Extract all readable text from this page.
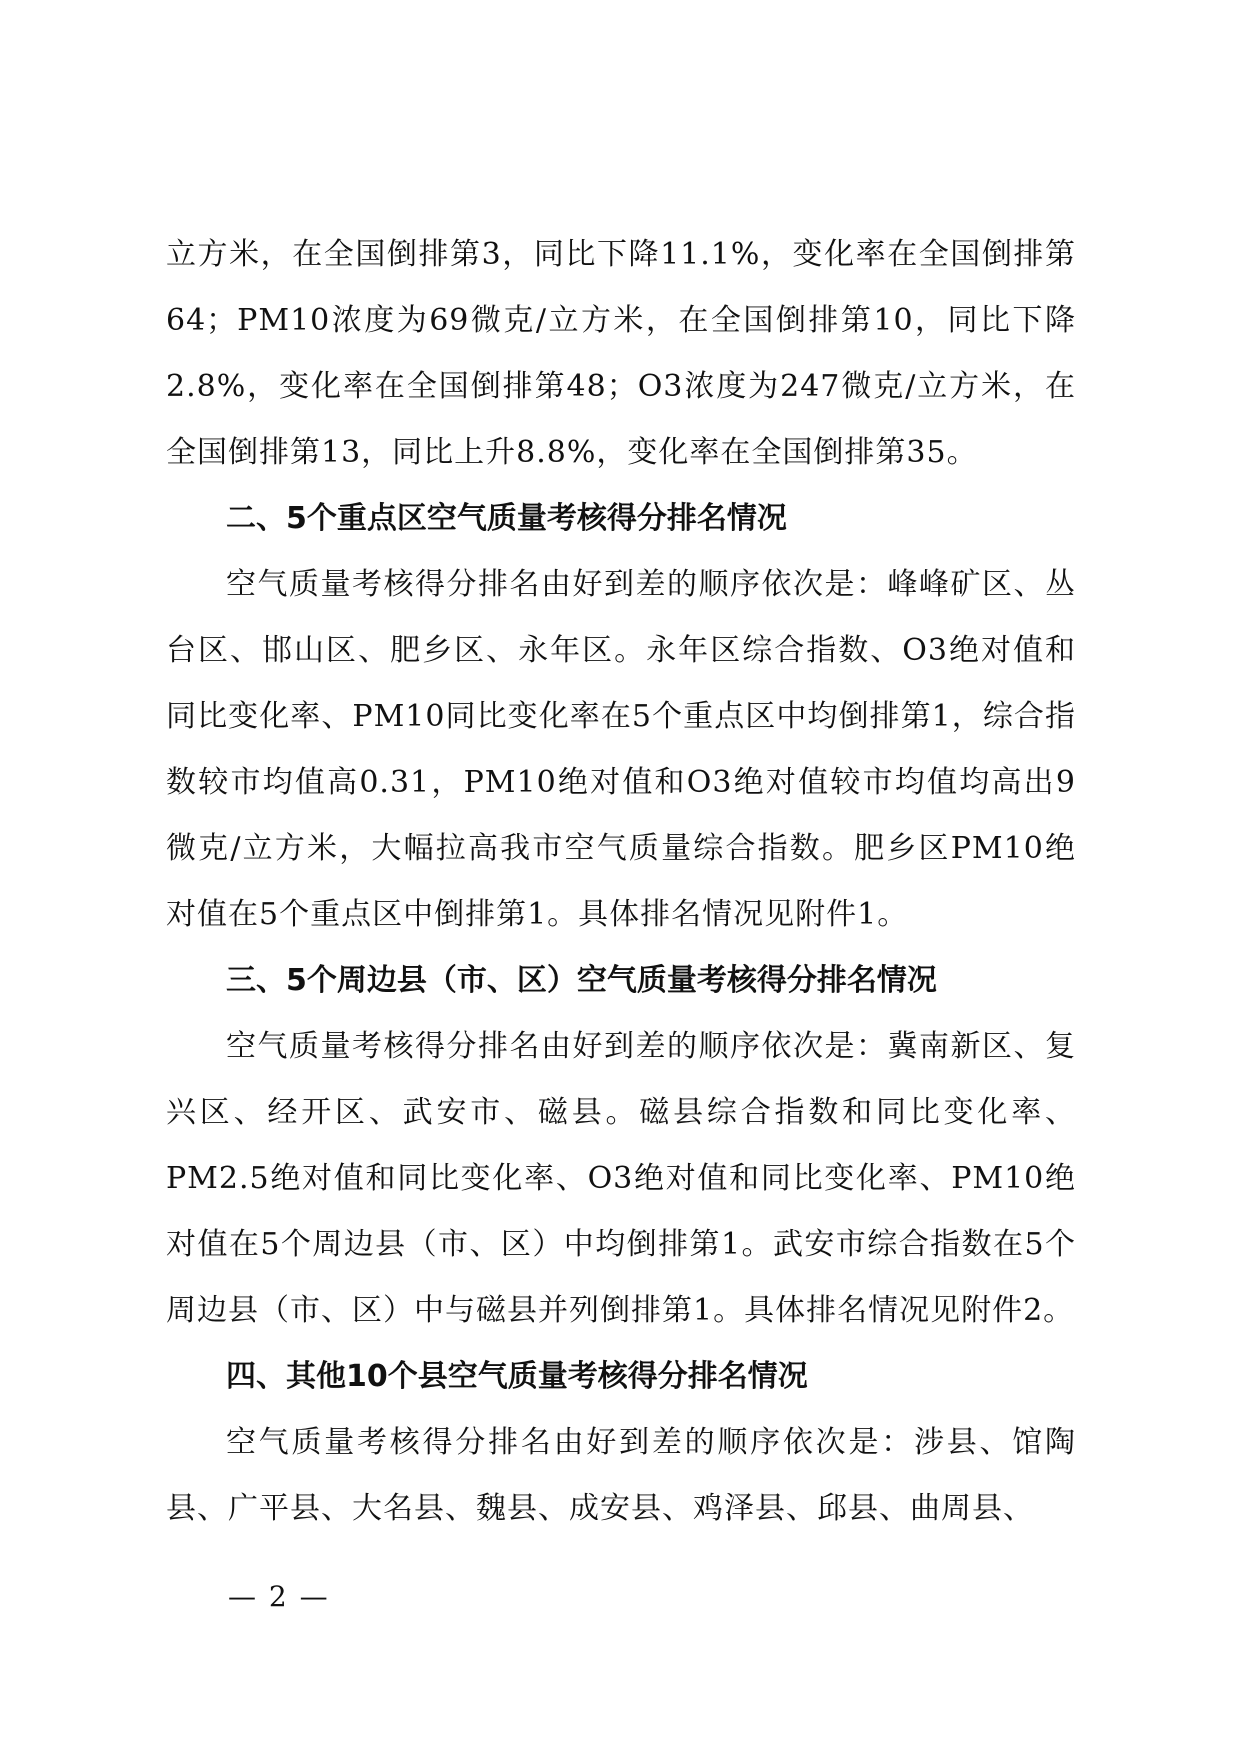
立方米，在全国倒排第3，同比下降11.1%，变化率在全国倒排第64；PM10浓度为69微克/立方米，在全国倒排第10，同比下降2.8%，变化率在全国倒排第48；O3浓度为247微克/立方米，在全国倒排第13，同比上升8.8%，变化率在全国倒排第35。

二、5个重点区空气质量考核得分排名情况

空气质量考核得分排名由好到差的顺序依次是：峰峰矿区、丛台区、邯山区、肥乡区、永年区。永年区综合指数、O3绝对值和同比变化率、PM10同比变化率在5个重点区中均倒排第1，综合指数较市均值高0.31，PM10绝对值和O3绝对值较市均值均高出9微克/立方米，大幅拉高我市空气质量综合指数。肥乡区PM10绝对值在5个重点区中倒排第1。具体排名情况见附件1。

三、5个周边县（市、区）空气质量考核得分排名情况

空气质量考核得分排名由好到差的顺序依次是：冀南新区、复兴区、经开区、武安市、磁县。磁县综合指数和同比变化率、PM2.5绝对值和同比变化率、O3绝对值和同比变化率、PM10绝对值在5个周边县（市、区）中均倒排第1。武安市综合指数在5个周边县（市、区）中与磁县并列倒排第1。具体排名情况见附件2。

四、其他10个县空气质量考核得分排名情况

空气质量考核得分排名由好到差的顺序依次是：涉县、馆陶县、广平县、大名县、魏县、成安县、鸡泽县、邱县、曲周县、

— 2 —
